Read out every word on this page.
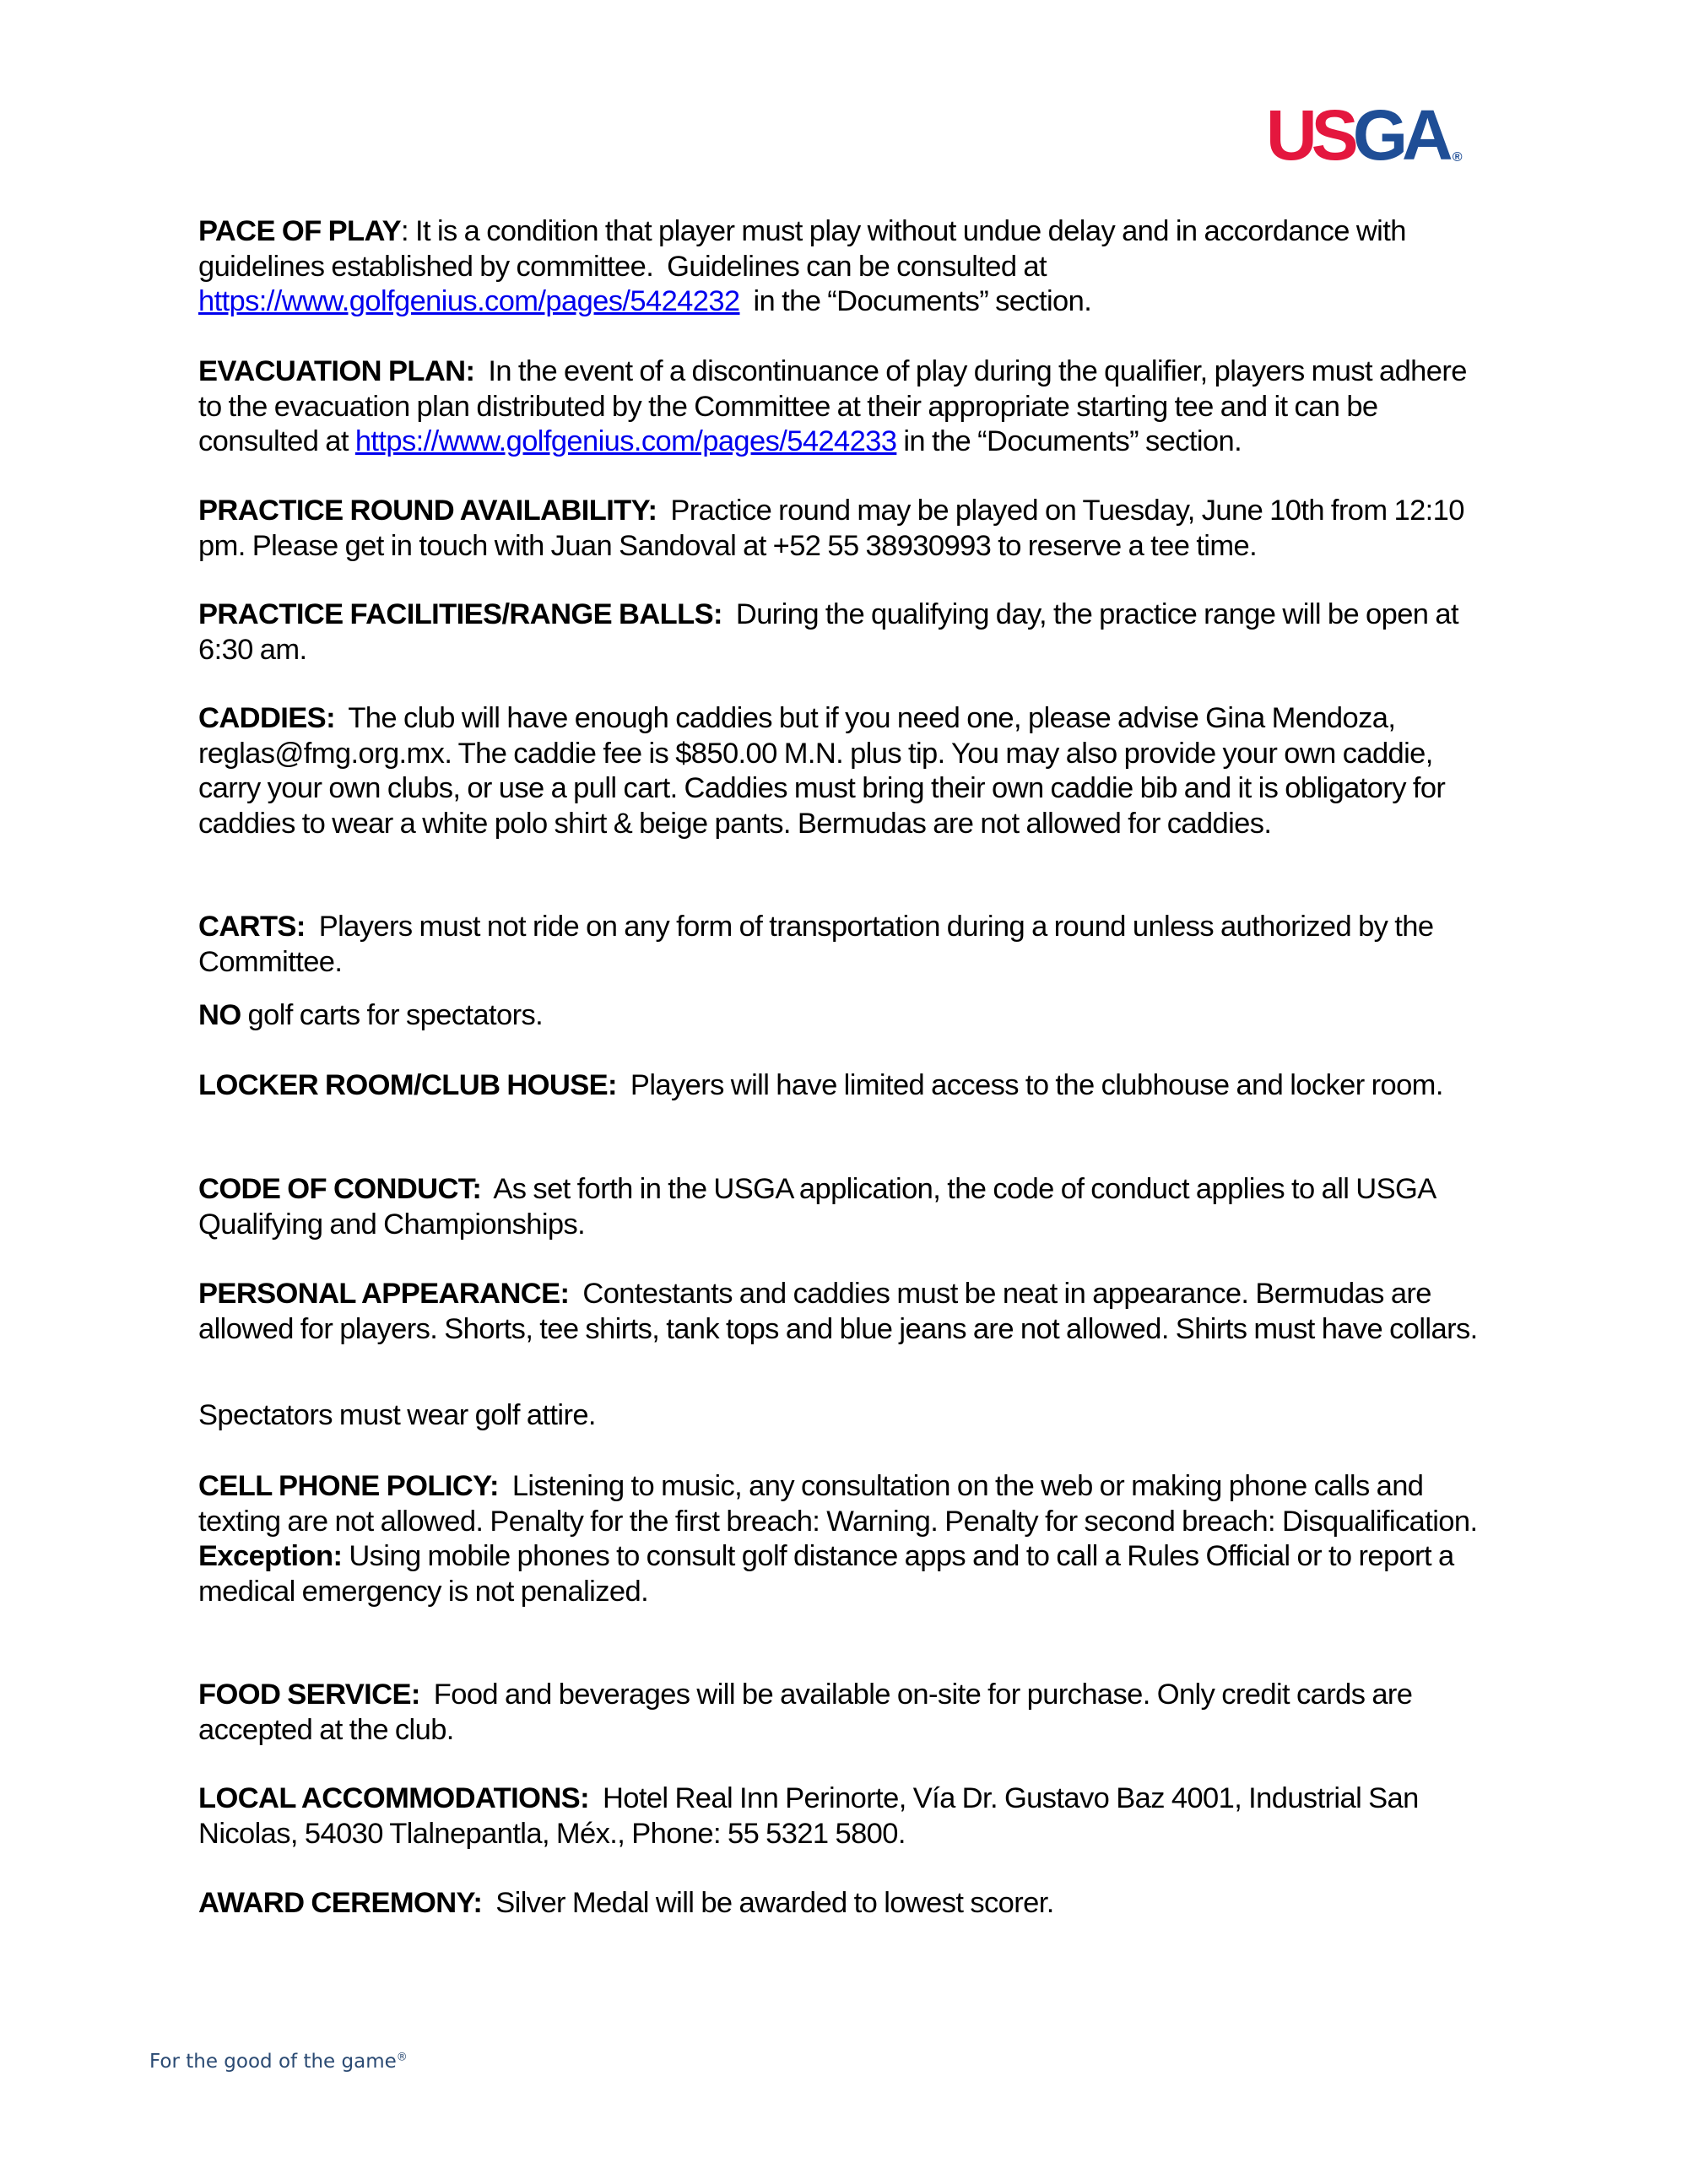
USGA ®

PACE OF PLAY: It is a condition that player must play without undue delay and in accordance with guidelines established by committee.  Guidelines can be consulted at https://www.golfgenius.com/pages/5424232  in the “Documents” section.

EVACUATION PLAN:  In the event of a discontinuance of play during the qualifier, players must adhere to the evacuation plan distributed by the Committee at their appropriate starting tee and it can be consulted at https://www.golfgenius.com/pages/5424233 in the “Documents” section.

PRACTICE ROUND AVAILABILITY:  Practice round may be played on Tuesday, June 10th from 12:10 pm. Please get in touch with Juan Sandoval at +52 55 38930993 to reserve a tee time.

PRACTICE FACILITIES/RANGE BALLS:  During the qualifying day, the practice range will be open at 6:30 am.

CADDIES:  The club will have enough caddies but if you need one, please advise Gina Mendoza, reglas@fmg.org.mx. The caddie fee is $850.00 M.N. plus tip. You may also provide your own caddie, carry your own clubs, or use a pull cart. Caddies must bring their own caddie bib and it is obligatory for caddies to wear a white polo shirt & beige pants. Bermudas are not allowed for caddies.

CARTS:  Players must not ride on any form of transportation during a round unless authorized by the Committee.

NO golf carts for spectators.

LOCKER ROOM/CLUB HOUSE:  Players will have limited access to the clubhouse and locker room.

CODE OF CONDUCT:  As set forth in the USGA application, the code of conduct applies to all USGA Qualifying and Championships.

PERSONAL APPEARANCE:  Contestants and caddies must be neat in appearance. Bermudas are allowed for players. Shorts, tee shirts, tank tops and blue jeans are not allowed. Shirts must have collars.

Spectators must wear golf attire.

CELL PHONE POLICY:  Listening to music, any consultation on the web or making phone calls and texting are not allowed. Penalty for the first breach: Warning. Penalty for second breach: Disqualification.
Exception: Using mobile phones to consult golf distance apps and to call a Rules Official or to report a medical emergency is not penalized.

FOOD SERVICE:  Food and beverages will be available on-site for purchase. Only credit cards are accepted at the club.

LOCAL ACCOMMODATIONS:  Hotel Real Inn Perinorte, Vía Dr. Gustavo Baz 4001, Industrial San Nicolas, 54030 Tlalnepantla, Méx., Phone: 55 5321 5800.

AWARD CEREMONY:  Silver Medal will be awarded to lowest scorer.

For the good of the game®
